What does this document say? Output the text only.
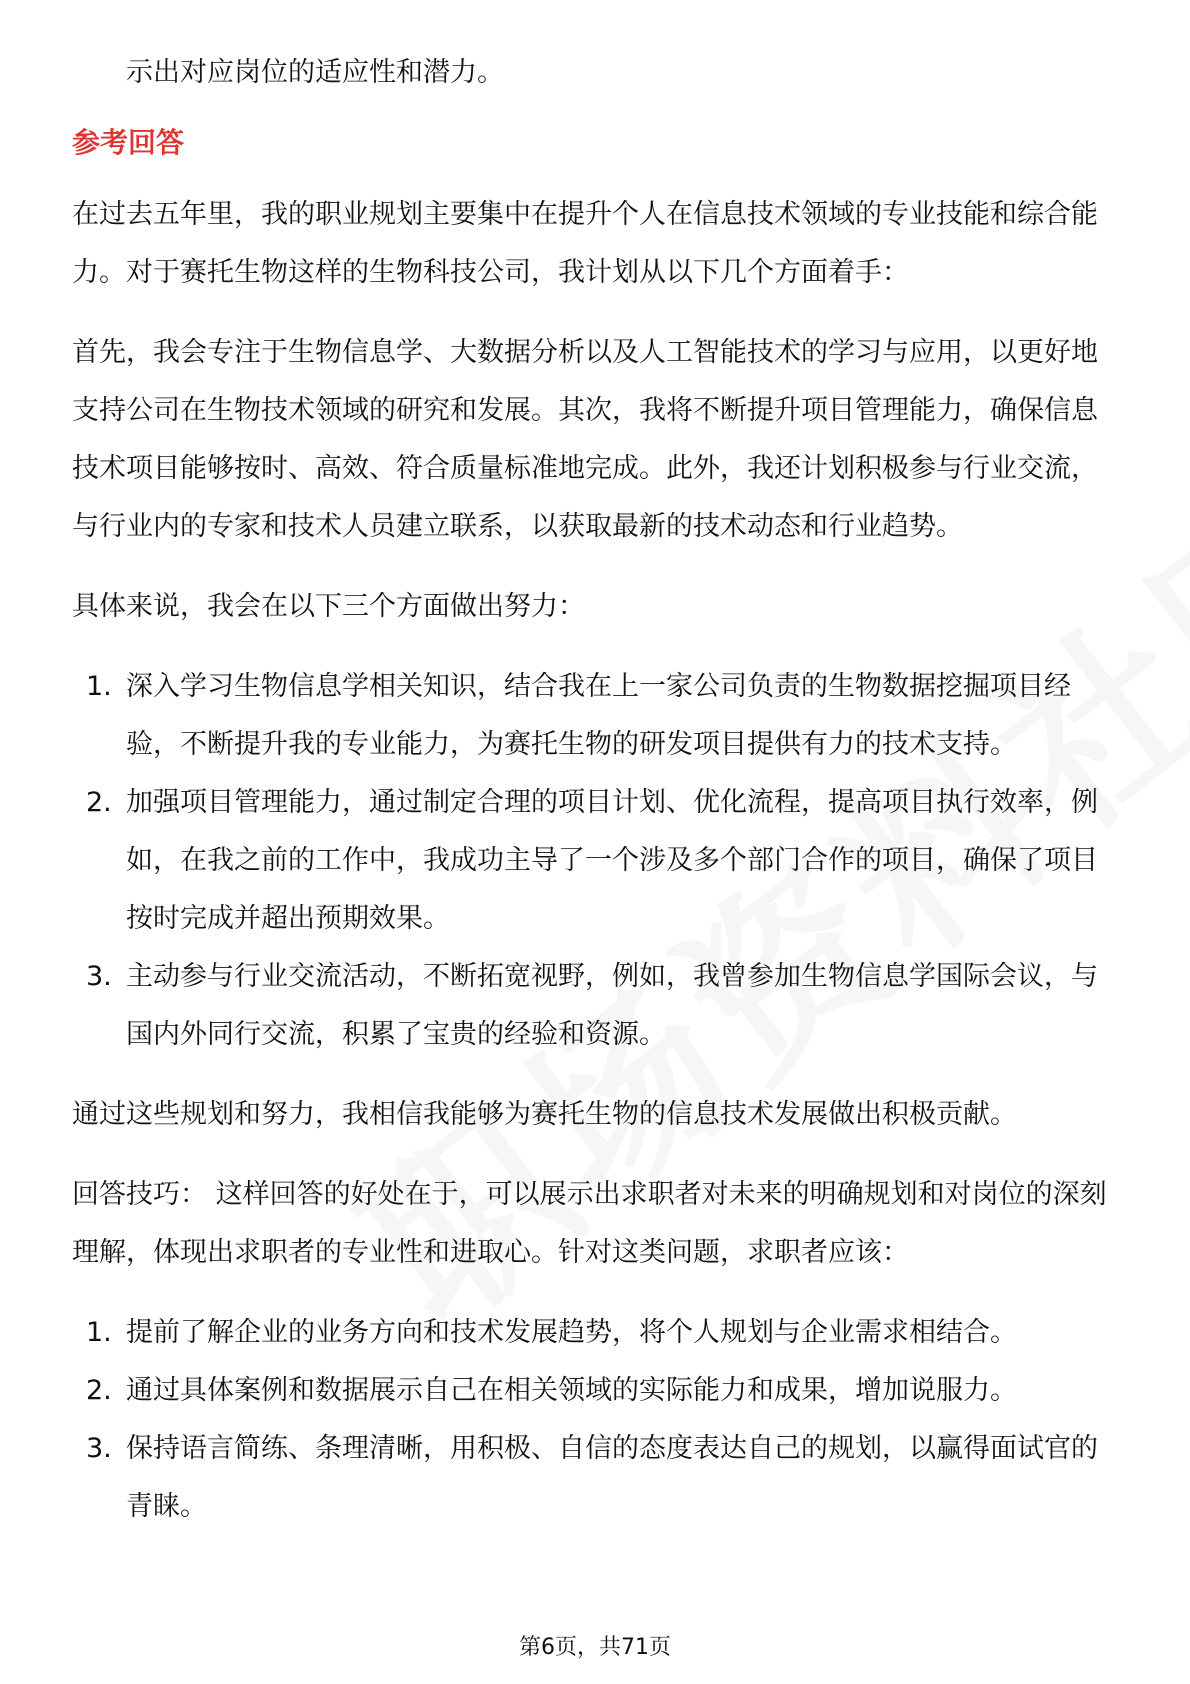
示出对应岗位的适应性和潜力。

参考回答

在过去五年里，我的职业规划主要集中在提升个人在信息技术领域的专业技能和综合能力。对于赛托生物这样的生物科技公司，我计划从以下几个方面着手：

首先，我会专注于生物信息学、大数据分析以及人工智能技术的学习与应用，以更好地支持公司在生物技术领域的研究和发展。其次，我将不断提升项目管理能力，确保信息技术项目能够按时、高效、符合质量标准地完成。此外，我还计划积极参与行业交流，与行业内的专家和技术人员建立联系，以获取最新的技术动态和行业趋势。

具体来说，我会在以下三个方面做出努力：

1. 深入学习生物信息学相关知识，结合我在上一家公司负责的生物数据挖掘项目经验，不断提升我的专业能力，为赛托生物的研发项目提供有力的技术支持。
2. 加强项目管理能力，通过制定合理的项目计划、优化流程，提高项目执行效率，例如，在我之前的工作中，我成功主导了一个涉及多个部门合作的项目，确保了项目按时完成并超出预期效果。
3. 主动参与行业交流活动，不断拓宽视野，例如，我曾参加生物信息学国际会议，与国内外同行交流，积累了宝贵的经验和资源。

通过这些规划和努力，我相信我能够为赛托生物的信息技术发展做出积极贡献。

回答技巧： 这样回答的好处在于，可以展示出求职者对未来的明确规划和对岗位的深刻理解，体现出求职者的专业性和进取心。针对这类问题，求职者应该：

1. 提前了解企业的业务方向和技术发展趋势，将个人规划与企业需求相结合。
2. 通过具体案例和数据展示自己在相关领域的实际能力和成果，增加说服力。
3. 保持语言简练、条理清晰，用积极、自信的态度表达自己的规划，以赢得面试官的青睐。
第6页，共71页
